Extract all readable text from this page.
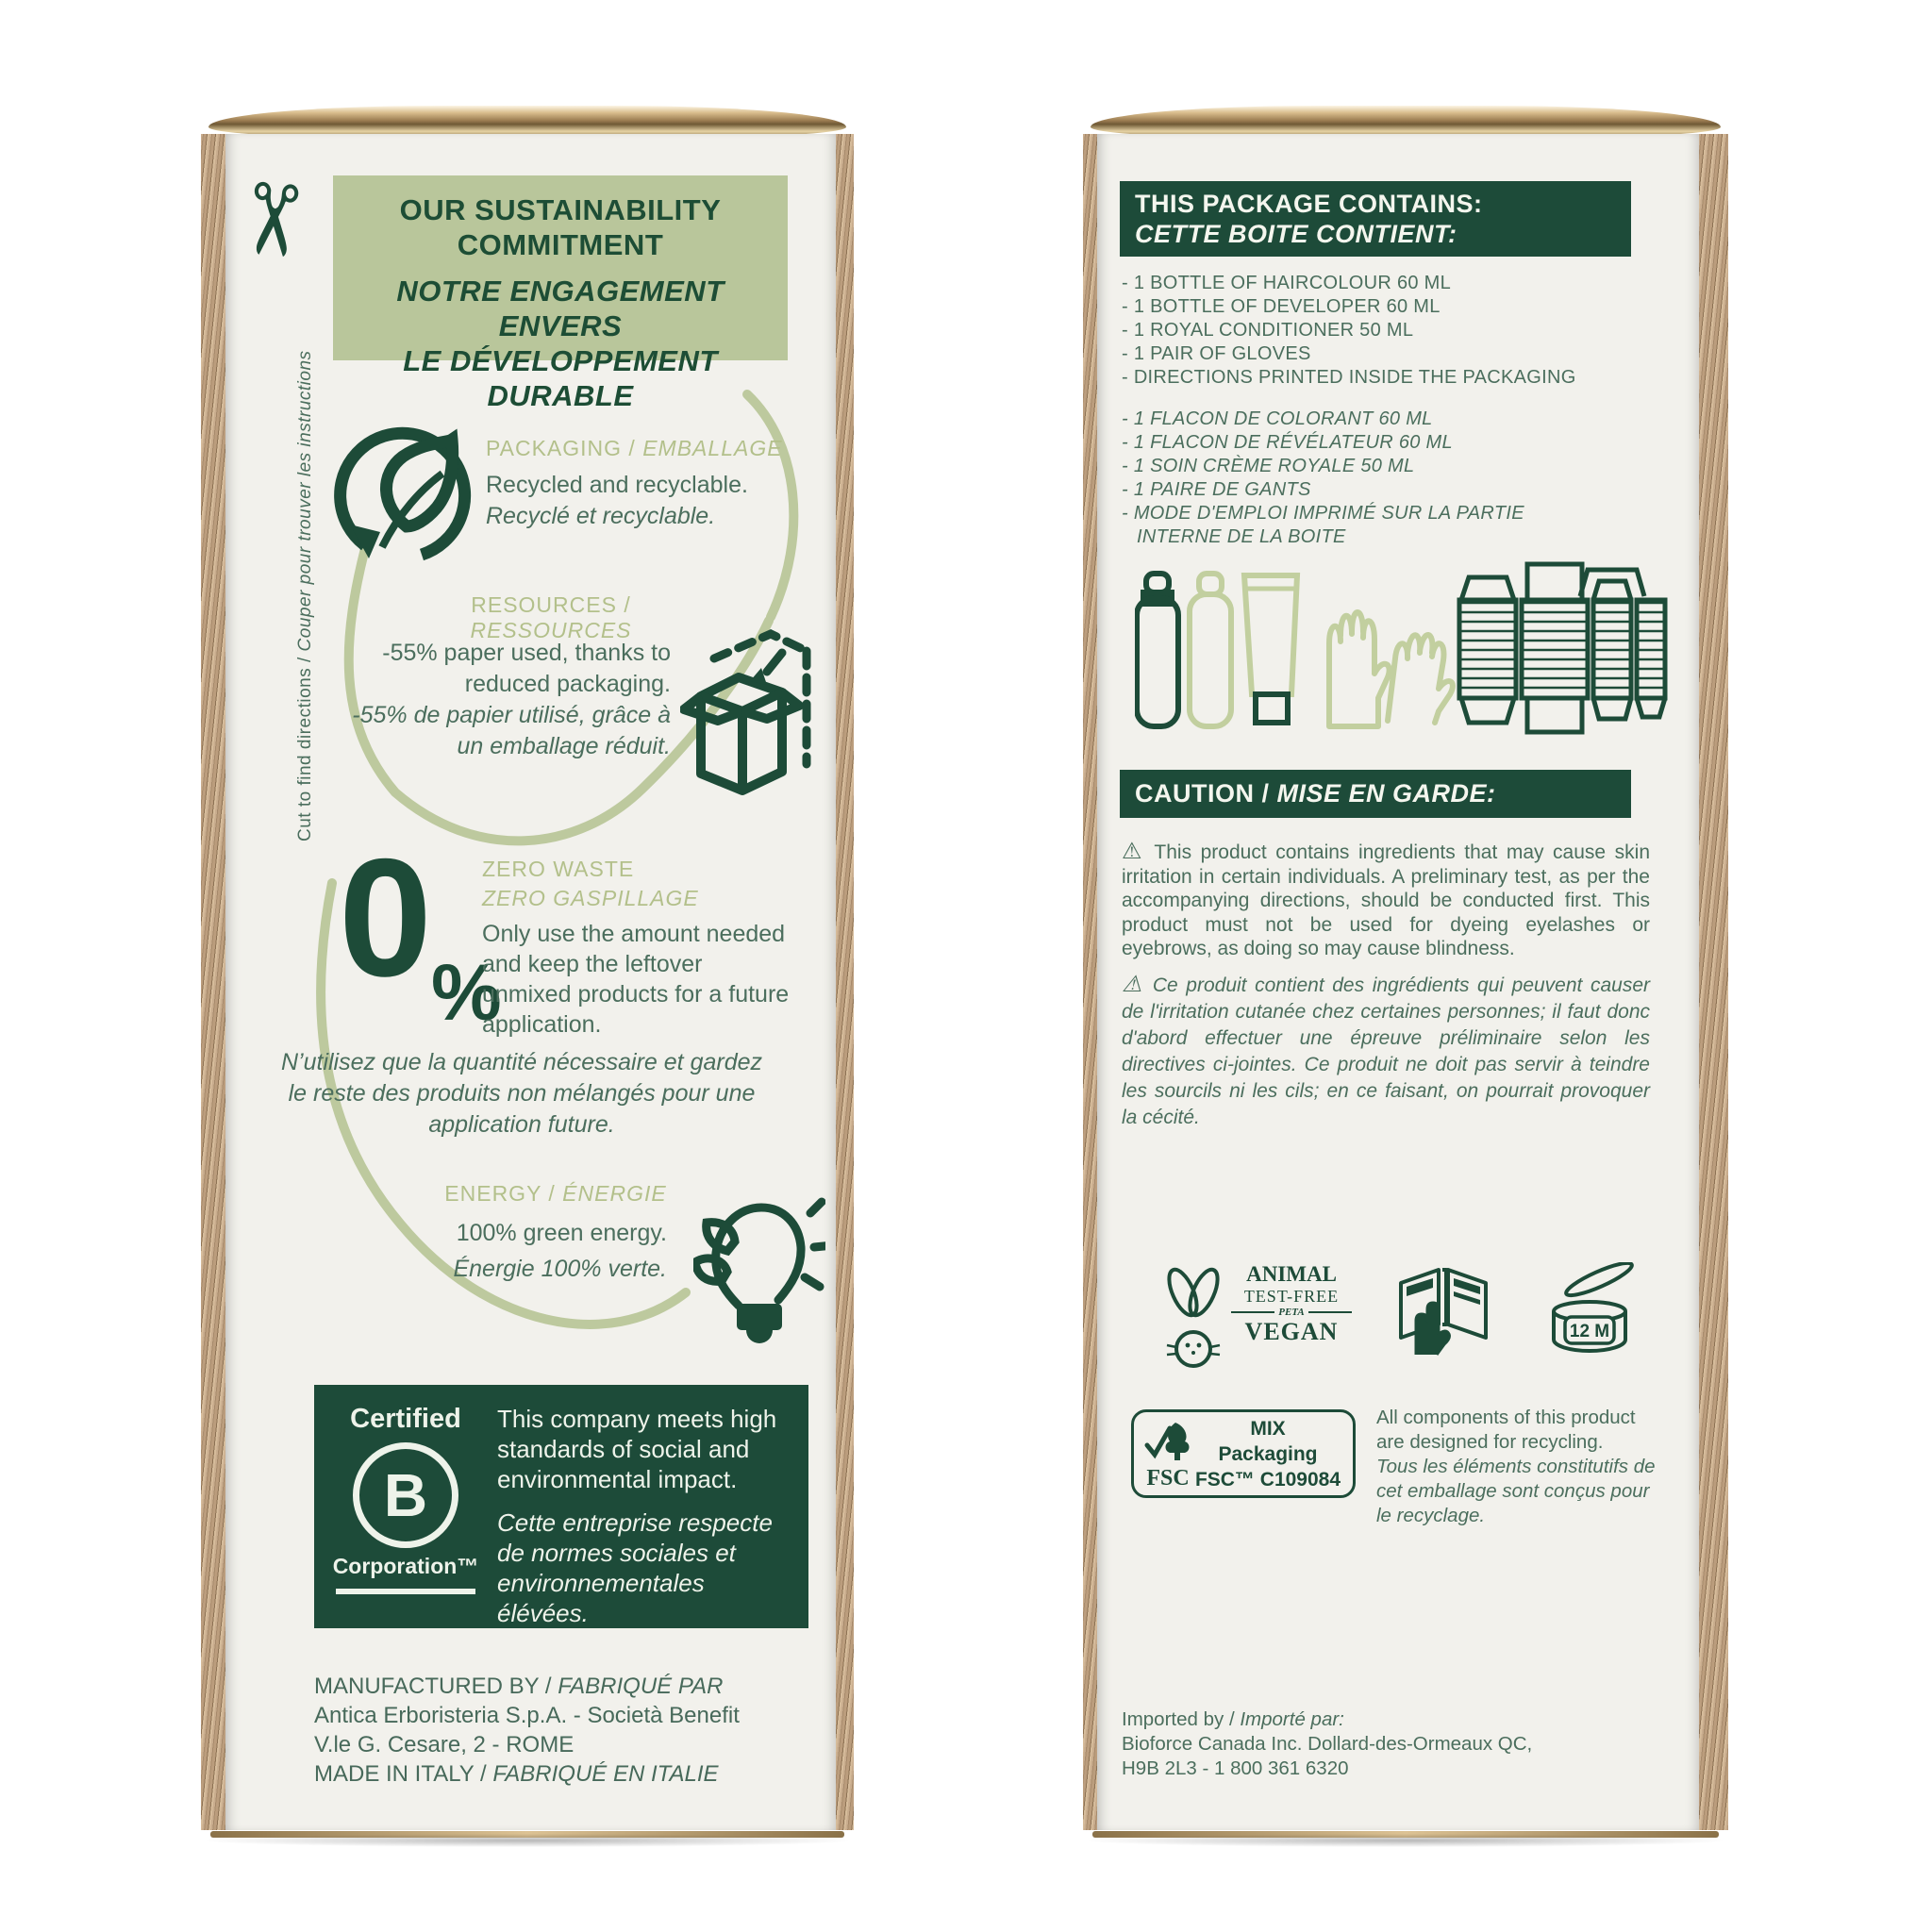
✂
Cut to find directions / Couper pour trouver les instructions
OUR SUSTAINABILITY
COMMITMENT
NOTRE ENGAGEMENT ENVERS
LE DÉVELOPPEMENT DURABLE
PACKAGING / EMBALLAGE
Recycled and recyclable.
Recyclé et recyclable.
RESOURCES / RESSOURCES
-55% paper used, thanks to reduced packaging.
-55% de papier utilisé, grâce à un emballage réduit.
0 %
ZERO WASTE
ZERO GASPILLAGE
Only use the amount needed and keep the leftover unmixed products for a future application.
N’utilisez que la quantité nécessaire et gardez le reste des produits non mélangés pour une application future.
ENERGY / ÉNERGIE
100% green energy.
Énergie 100% verte.
Certified
B
Corporation™
This company meets high standards of social and environmental impact.
Cette entreprise respecte de normes sociales et environnementales élévées.
MANUFACTURED BY / FABRIQUÉ PAR
Antica Erboristeria S.p.A. - Società Benefit
V.le G. Cesare, 2 - ROME
MADE IN ITALY / FABRIQUÉ EN ITALIE
THIS PACKAGE CONTAINS:
CETTE BOITE CONTIENT:
- 1 BOTTLE OF HAIRCOLOUR 60 ML
- 1 BOTTLE OF DEVELOPER 60 ML
- 1 ROYAL CONDITIONER 50 ML
- 1 PAIR OF GLOVES
- DIRECTIONS PRINTED INSIDE THE PACKAGING
- 1 FLACON DE COLORANT 60 ML
- 1 FLACON DE RÉVÉLATEUR 60 ML
- 1 SOIN CRÈME ROYALE 50 ML
- 1 PAIRE DE GANTS
- MODE D'EMPLOI IMPRIMÉ SUR LA PARTIE
INTERNE DE LA BOITE
CAUTION / MISE EN GARDE:
⚠ This product contains ingredients that may cause skin irritation in certain individuals. A preliminary test, as per the accompanying directions, should be conducted first. This product must not be used for dyeing eyelashes or eyebrows, as doing so may cause blindness.
⚠ Ce produit contient des ingrédients qui peuvent causer de l'irritation cutanée chez certaines personnes; il faut donc d'abord effectuer une épreuve préliminaire selon les directives ci-jointes. Ce produit ne doit pas servir à teindre les sourcils ni les cils; en ce faisant, on pourrait provoquer la cécité.
ANIMAL
TEST-FREE
PETA
VEGAN	12 M
FSC
MIX
Packaging
FSC™ C109084
All components of this product are designed for recycling.
Tous les éléments constitutifs de cet emballage sont conçus pour le recyclage.
Imported by / Importé par:
Bioforce Canada Inc. Dollard-des-Ormeaux QC,
H9B 2L3 - 1 800 361 6320
